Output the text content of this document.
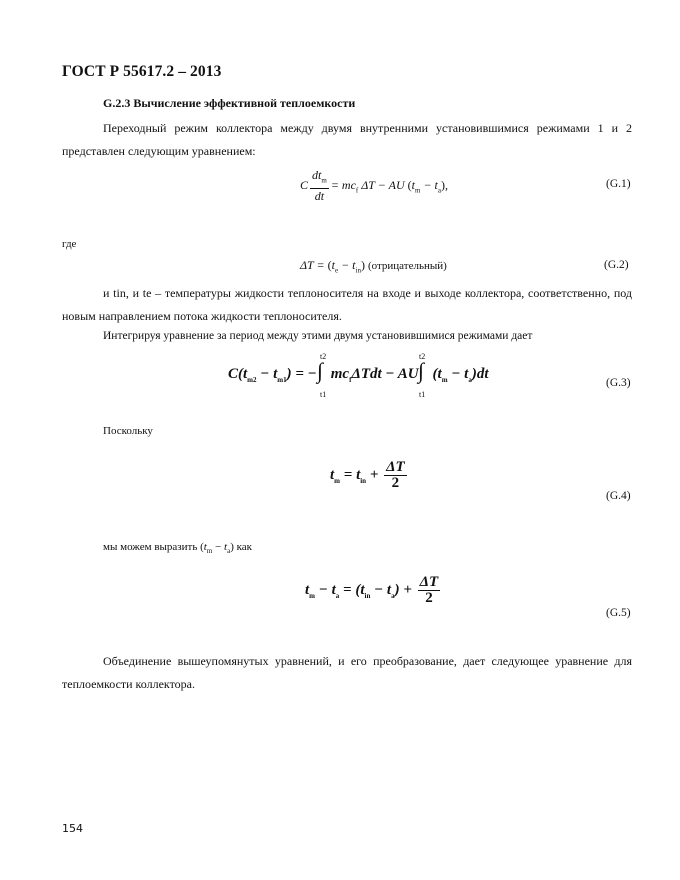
ГОСТ Р 55617.2 – 2013
G.2.3 Вычисление эффективной теплоемкости
Переходный режим коллектора между двумя внутренними установившимися режимами 1 и 2 представлен следующим уравнением:
C $\frac{dt_m}{dt} = mc_f$ ΔT − AU $(t_m - t_a)$,	(G.1)
где
$\Delta T = (t_e - t_{in})$ (отрицательный)	(G.2)
и tin, и te – температуры жидкости теплоносителя на входе и выходе коллектора, соответственно, под новым направлением потока жидкости теплоносителя.
Интегрируя уравнение за период между этими двумя установившимися режимами дает
$C(t_{m2} - t_{m1})$ = − $mc_f\Delta Tdt$ − AU $(t_m - t_a)dt$
∫
t2
t1
∫
t2
t1
(G.3)
Поскольку
$t_m = t_{in} + \frac{\Delta T}{2}$
(G.4)
мы можем выразить $(t_m - t_a)$ как
$t_m - t_a = (t_{in} - t_a) + \frac{\Delta T}{2}$
(G.5)
Объединение вышеупомянутых уравнений, и его преобразование, дает следующее уравнение для теплоемкости коллектора.
154
